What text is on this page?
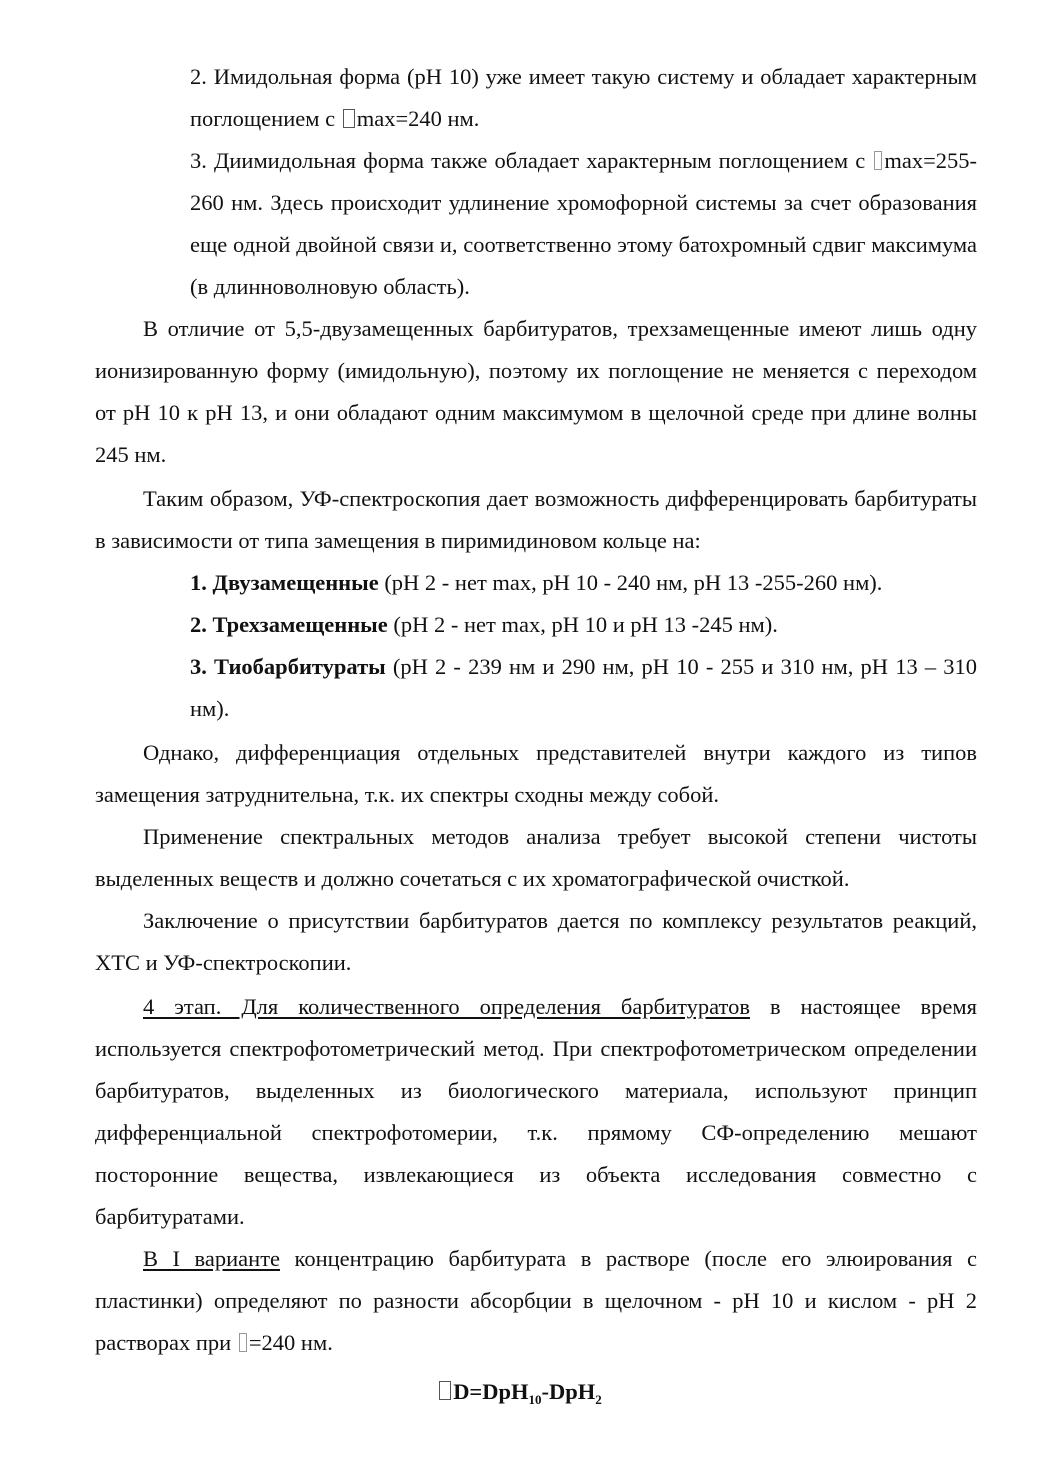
2. Имидольная форма (pH 10) уже имеет такую систему и обладает характерным поглощением с max=240 нм.

3. Диимидольная форма также обладает характерным поглощением с max=255-260 нм. Здесь происходит удлинение хромофорной системы за счет образования еще одной двойной связи и, соответственно этому батохромный сдвиг максимума (в длинноволновую область).

В отличие от 5,5-двузамещенных барбитуратов, трехзамещенные имеют лишь одну ионизированную форму (имидольную), поэтому их поглощение не меняется с переходом от pH 10 к pH 13, и они обладают одним максимумом в щелочной среде при длине волны 245 нм.

Таким образом, УФ-спектроскопия дает возможность дифференцировать барбитураты в зависимости от типа замещения в пиримидиновом кольце на:

1. Двузамещенные (pH 2 - нет max, pH 10 - 240 нм, pH 13 -255-260 нм).

2. Трехзамещенные (pH 2 - нет max, pH 10 и pH 13 -245 нм).

3. Тиобарбитураты (pH 2 - 239 нм и 290 нм, pH 10 - 255 и 310 нм, pH 13 – 310 нм).

Однако, дифференциация отдельных представителей внутри каждого из типов замещения затруднительна, т.к. их спектры сходны между собой.

Применение спектральных методов анализа требует высокой степени чистоты выделенных веществ и должно сочетаться с их хроматографической очисткой.

Заключение о присутствии барбитуратов дается по комплексу результатов реакций, ХТС и УФ-спектроскопии.

4 этап. Для количественного определения барбитуратов в настоящее время используется спектрофотометрический метод. При спектрофотометрическом определении барбитуратов, выделенных из биологического материала, используют принцип дифференциальной спектрофотомерии, т.к. прямому СФ-определению мешают посторонние вещества, извлекающиеся из объекта исследования совместно с барбитуратами.

В I варианте концентрацию барбитурата в растворе (после его элюирования с пластинки) определяют по разности абсорбции в щелочном - pH 10 и кислом - pH 2 растворах при =240 нм.

D=DpH$_{10}$-DpH$_2$
